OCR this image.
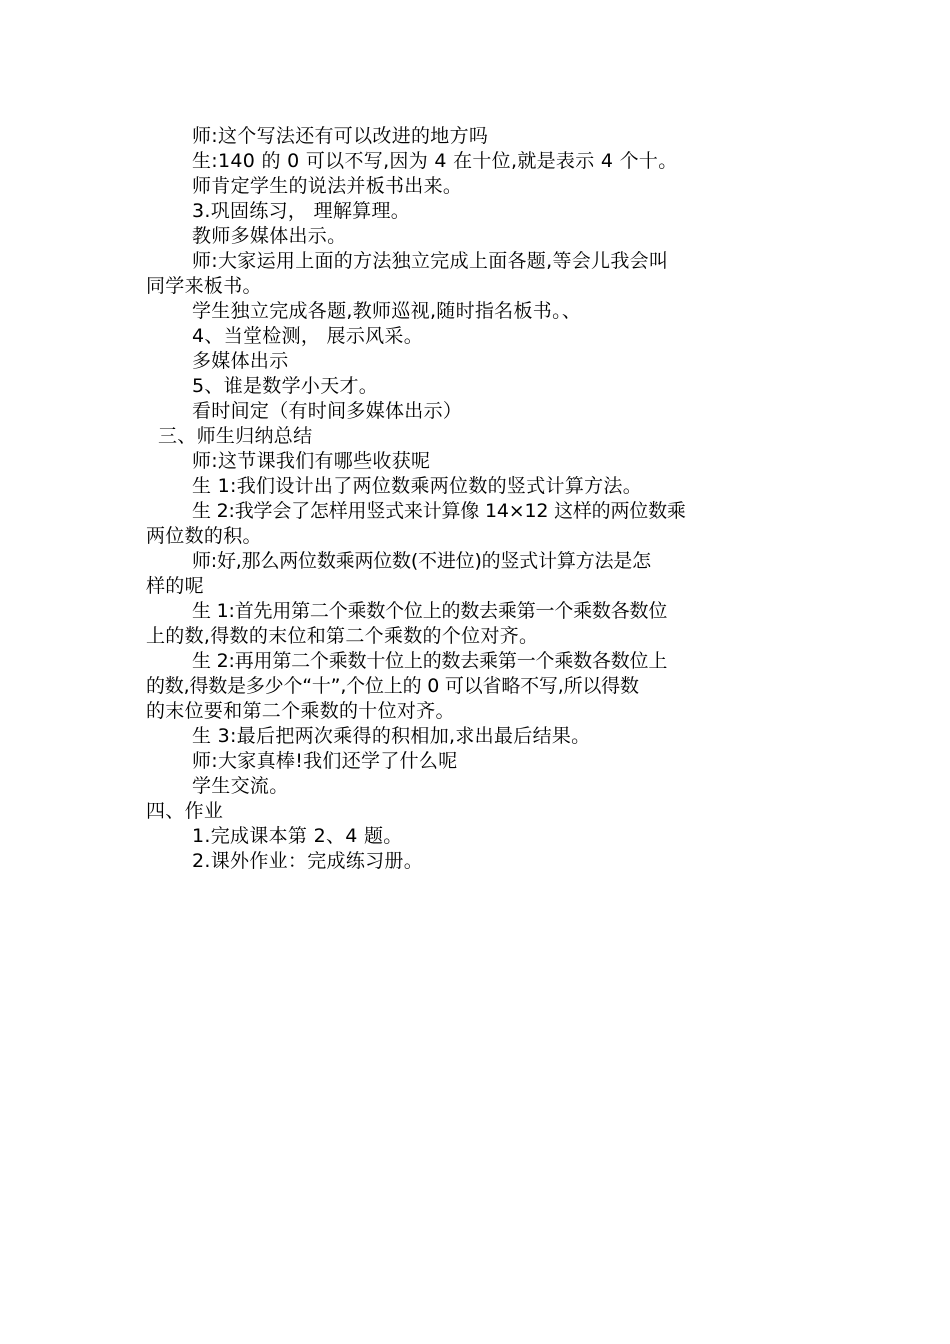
师:这个写法还有可以改进的地方吗
生:140 的 0 可以不写,因为 4 在十位,就是表示 4 个十。
师肯定学生的说法并板书出来。
3.巩固练习， 理解算理。
教师多媒体出示。
师:大家运用上面的方法独立完成上面各题,等会儿我会叫
同学来板书。
学生独立完成各题,教师巡视,随时指名板书。、
4、当堂检测， 展示风采。
多媒体出示
5、谁是数学小天才。
看时间定（有时间多媒体出示）
三、师生归纳总结
师:这节课我们有哪些收获呢
生 1:我们设计出了两位数乘两位数的竖式计算方法。
生 2:我学会了怎样用竖式来计算像 14×12 这样的两位数乘
两位数的积。
师:好,那么两位数乘两位数(不进位)的竖式计算方法是怎
样的呢
生 1:首先用第二个乘数个位上的数去乘第一个乘数各数位
上的数,得数的末位和第二个乘数的个位对齐。
生 2:再用第二个乘数十位上的数去乘第一个乘数各数位上
的数,得数是多少个“十”,个位上的 0 可以省略不写,所以得数
的末位要和第二个乘数的十位对齐。
生 3:最后把两次乘得的积相加,求出最后结果。
师:大家真棒!我们还学了什么呢
学生交流。
四、作业
1.完成课本第 2、4 题。
2.课外作业：完成练习册。
